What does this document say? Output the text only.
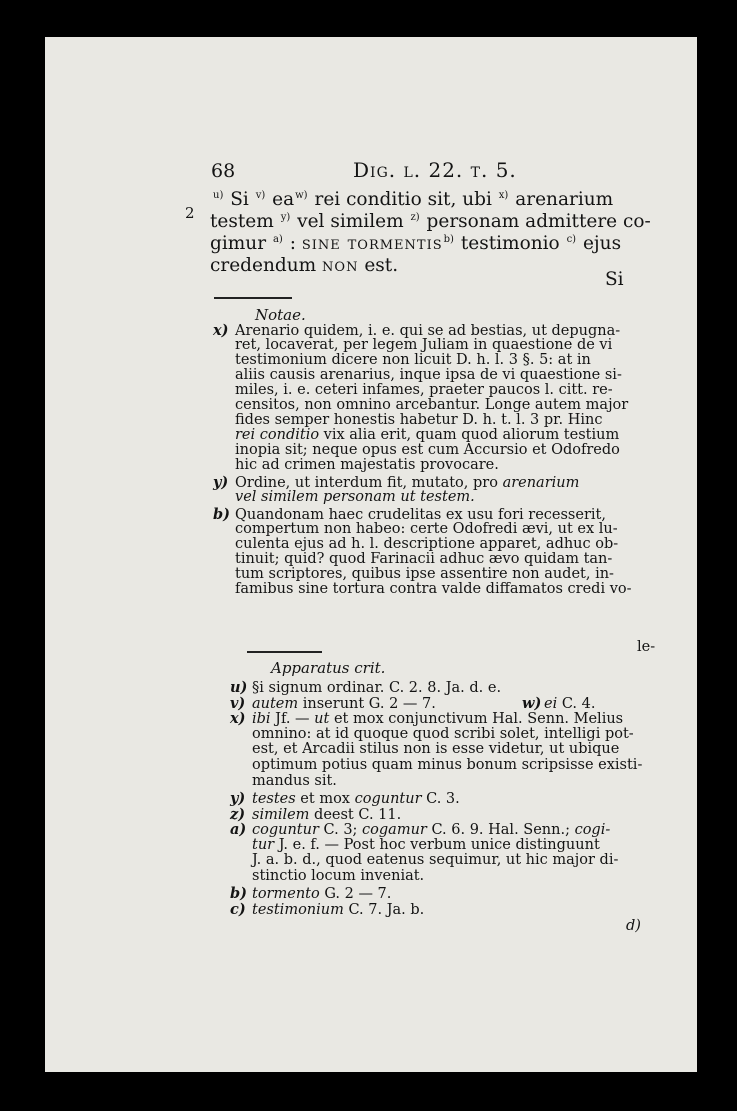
68	Dig. l. 22. t. 5.
2
$^{u)}$ Si $^{v)}$ $ea^{w)}$ rei conditio sit, ubi $^{x)}$ arenarium
testem $^{y)}$ vel similem $^{z)}$ personam admittere co-
gimur $^{a)}$ : sine tormentis$^{b)}$ testimonio $^{c)}$ ejus
credendum non est.
Si
Notae.
x) Arenario quidem, i. e. qui se ad bestias, ut depugna-
ret, locaverat, per legem Juliam in quaestione de vi
testimonium dicere non licuit D. h. l. 3 §. 5: at in
aliis causis arenarius, inque ipsa de vi quaestione si-
miles, i. e. ceteri infames, praeter paucos l. citt. re-
censitos, non omnino arcebantur. Longe autem major
fides semper honestis habetur D. h. t. l. 3 pr. Hinc
rei conditio vix alia erit, quam quod aliorum testium
inopia sit; neque opus est cum Accursio et Odofredo
hic ad crimen majestatis provocare.
y) Ordine, ut interdum fit, mutato, pro arenarium
vel similem personam ut testem.
b) Quandonam haec crudelitas ex usu fori recesserit,
compertum non habeo: certe Odofredi ævi, ut ex lu-
culenta ejus ad h. l. descriptione apparet, adhuc ob-
tinuit; quid? quod Farinacii adhuc ævo quidam tan-
tum scriptores, quibus ipse assentire non audet, in-
famibus sine tortura contra valde diffamatos credi vo-
le-
Apparatus crit.
u) §i signum ordinar. C. 2. 8. Ja. d. e.
v) autem inserunt G. 2 — 7.	w) ei C. 4.
x) ibi Jf. — ut et mox conjunctivum Hal. Senn. Melius
omnino: at id quoque quod scribi solet, intelligi pot-
est, et Arcadii stilus non is esse videtur, ut ubique
optimum potius quam minus bonum scripsisse existi-
mandus sit.
y) testes et mox coguntur C. 3.
z) similem deest C. 11.
a) coguntur C. 3; cogamur C. 6. 9. Hal. Senn.; cogi-
tur J. e. f. — Post hoc verbum unice distinguunt
J. a. b. d., quod eatenus sequimur, ut hic major di-
stinctio locum inveniat.
b) tormento G. 2 — 7.
c) testimonium C. 7. Ja. b.
d)
